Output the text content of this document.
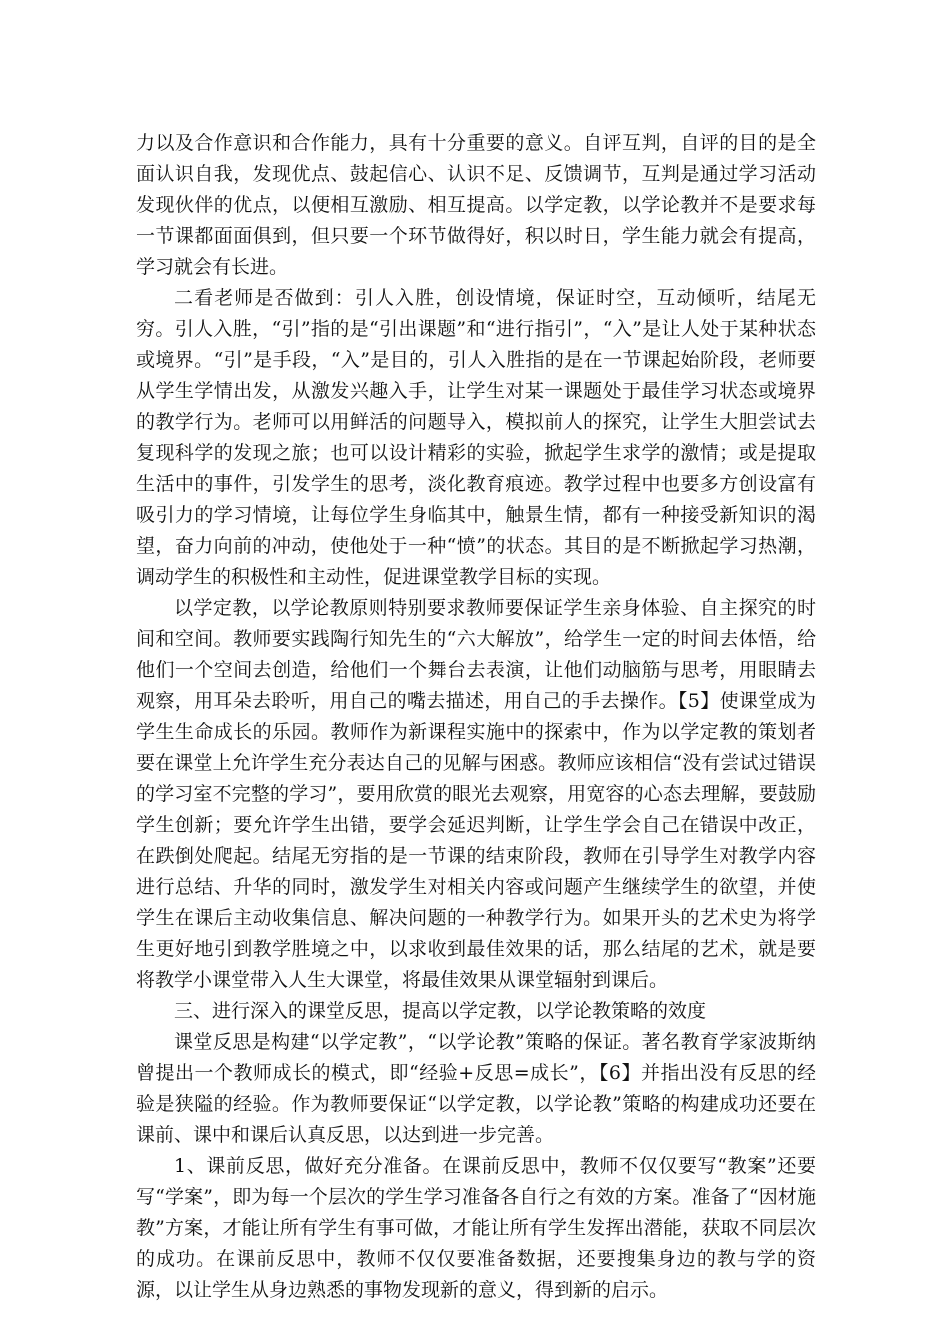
力以及合作意识和合作能力，具有十分重要的意义。自评互判，自评的目的是全面认识自我，发现优点、鼓起信心、认识不足、反馈调节，互判是通过学习活动发现伙伴的优点，以便相互激励、相互提高。以学定教，以学论教并不是要求每一节课都面面俱到，但只要一个环节做得好，积以时日，学生能力就会有提高，学习就会有长进。

二看老师是否做到：引人入胜，创设情境，保证时空，互动倾听，结尾无穷。引人入胜，“引”指的是“引出课题”和“进行指引”，“入”是让人处于某种状态或境界。“引”是手段，“入”是目的，引人入胜指的是在一节课起始阶段，老师要从学生学情出发，从激发兴趣入手，让学生对某一课题处于最佳学习状态或境界的教学行为。老师可以用鲜活的问题导入，模拟前人的探究，让学生大胆尝试去复现科学的发现之旅；也可以设计精彩的实验，掀起学生求学的激情；或是提取生活中的事件，引发学生的思考，淡化教育痕迹。教学过程中也要多方创设富有吸引力的学习情境，让每位学生身临其中，触景生情，都有一种接受新知识的渴望，奋力向前的冲动，使他处于一种“愤”的状态。其目的是不断掀起学习热潮，调动学生的积极性和主动性，促进课堂教学目标的实现。

以学定教，以学论教原则特别要求教师要保证学生亲身体验、自主探究的时间和空间。教师要实践陶行知先生的“六大解放”，给学生一定的时间去体悟，给他们一个空间去创造，给他们一个舞台去表演，让他们动脑筋与思考，用眼睛去观察，用耳朵去聆听，用自己的嘴去描述，用自己的手去操作。【5】使课堂成为学生生命成长的乐园。教师作为新课程实施中的探索中，作为以学定教的策划者要在课堂上允许学生充分表达自己的见解与困惑。教师应该相信“没有尝试过错误的学习室不完整的学习”，要用欣赏的眼光去观察，用宽容的心态去理解，要鼓励学生创新；要允许学生出错，要学会延迟判断，让学生学会自己在错误中改正，在跌倒处爬起。结尾无穷指的是一节课的结束阶段，教师在引导学生对教学内容进行总结、升华的同时，激发学生对相关内容或问题产生继续学生的欲望，并使学生在课后主动收集信息、解决问题的一种教学行为。如果开头的艺术史为将学生更好地引到教学胜境之中，以求收到最佳效果的话，那么结尾的艺术，就是要将教学小课堂带入人生大课堂，将最佳效果从课堂辐射到课后。

三、进行深入的课堂反思，提高以学定教，以学论教策略的效度

课堂反思是构建“以学定教”，“以学论教”策略的保证。著名教育学家波斯纳曾提出一个教师成长的模式，即“经验+反思=成长”，【6】并指出没有反思的经验是狭隘的经验。作为教师要保证“以学定教，以学论教”策略的构建成功还要在课前、课中和课后认真反思，以达到进一步完善。

1、课前反思，做好充分准备。在课前反思中，教师不仅仅要写“教案”还要写“学案”，即为每一个层次的学生学习准备各自行之有效的方案。准备了“因材施教”方案，才能让所有学生有事可做，才能让所有学生发挥出潜能，获取不同层次的成功。在课前反思中，教师不仅仅要准备数据，还要搜集身边的教与学的资源，以让学生从身边熟悉的事物发现新的意义，得到新的启示。
